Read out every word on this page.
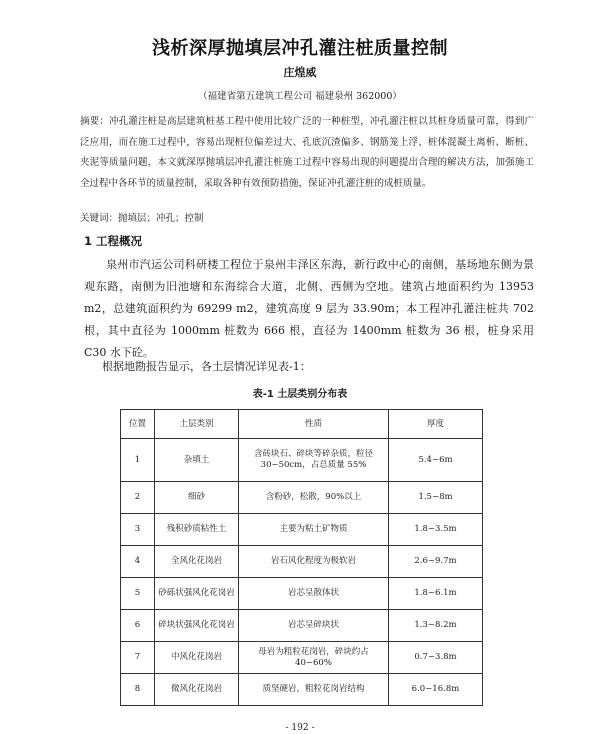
浅析深厚抛填层冲孔灌注桩质量控制
庄煌威
（福建省第五建筑工程公司 福建泉州 362000）
摘要：冲孔灌注桩是高层建筑桩基工程中使用比较广泛的一种桩型，冲孔灌注桩以其桩身质量可靠，得到广泛应用，而在施工过程中，容易出现桩位偏差过大、孔底沉渣偏多、钢筋笼上浮、桩体混凝土离析、断桩、夹泥等质量问题，本文就深厚抛填层冲孔灌注桩施工过程中容易出现的问题提出合理的解决方法，加强施工全过程中各环节的质量控制，采取各种有效预防措施，保证冲孔灌注桩的成桩质量。
关键词：抛填层；冲孔；控制
1 工程概况
泉州市汽运公司科研楼工程位于泉州丰泽区东海，新行政中心的南侧，基场地东侧为景观东路，南侧为旧池塘和东海综合大道，北侧、西侧为空地。建筑占地面积约为 13953 m2，总建筑面积约为 69299 m2，建筑高度 9 层为 33.90m；本工程冲孔灌注桩共 702 根，其中直径为 1000mm 桩数为 666 根，直径为 1400mm 桩数为 36 根，桩身采用 C30 水下砼。
根据地勘报告显示，各土层情况详见表-1：
表-1 土层类别分布表
位置	土层类别	性质	厚度
1	杂填土	含砖块石、碎块等碎杂质，粒径 30~50cm，占总质量 55%	5.4~6m
2	细砂	含粉砂，松散，90%以上	1.5~8m
3	残积砂质粘性土	主要为粘土矿物质	1.8~3.5m
4	全风化花岗岩	岩石风化程度为极软岩	2.6~9.7m
5	砂砾状强风化花岗岩	岩芯呈散体状	1.8~6.1m
6	碎块状强风化花岗岩	岩芯呈碎块状	1.3~8.2m
7	中风化花岗岩	母岩为粗粒花岗岩，碎块约占 40~60%	0.7~3.8m
8	微风化花岗岩	质坚硬岩，粗粒花岗岩结构	6.0~16.8m
- 192 -
